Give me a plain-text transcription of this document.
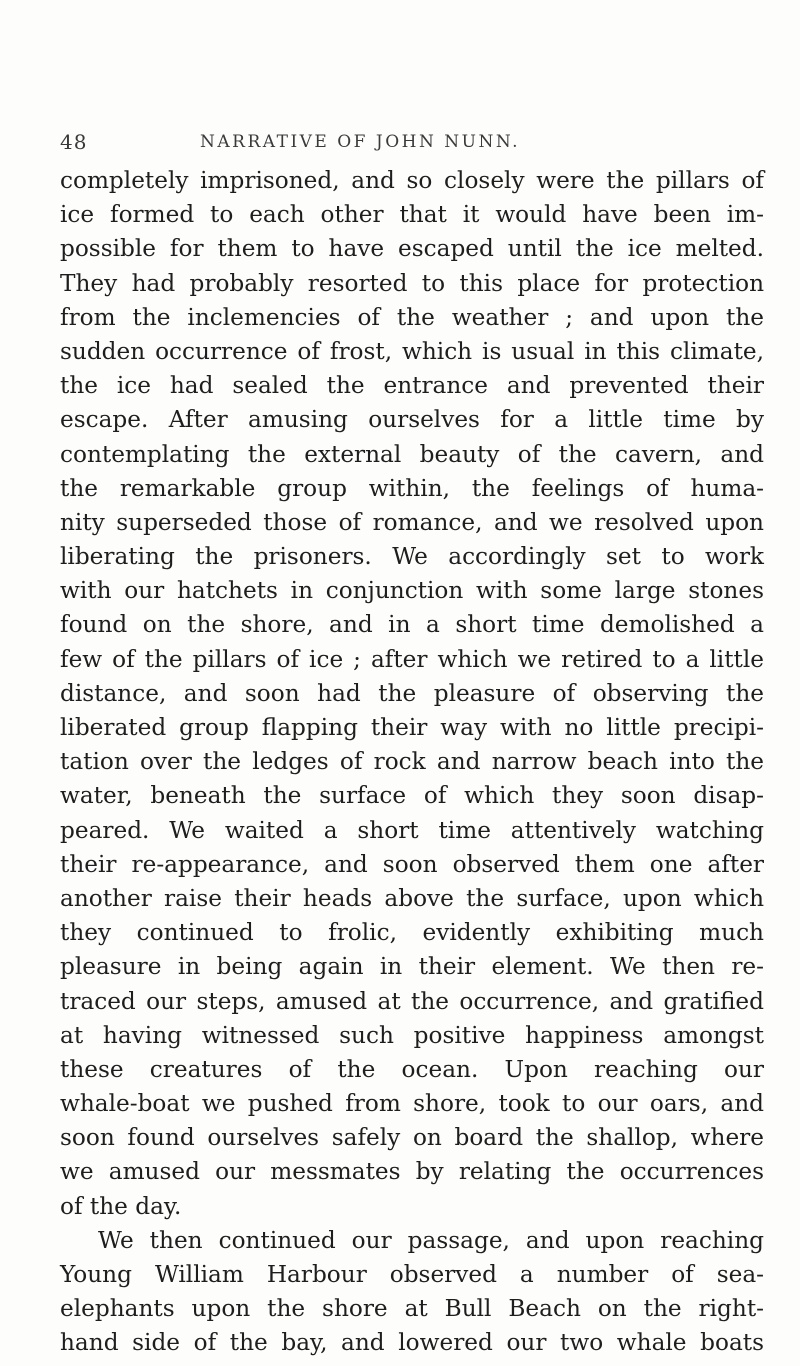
48	NARRATIVE OF JOHN NUNN.
completely imprisoned, and so closely were the pillars of
ice formed to each other that it would have been im-
possible for them to have escaped until the ice melted.
They had probably resorted to this place for protection
from the inclemencies of the weather ; and upon the
sudden occurrence of frost, which is usual in this climate,
the ice had sealed the entrance and prevented their
escape. After amusing ourselves for a little time by
contemplating the external beauty of the cavern, and
the remarkable group within, the feelings of huma-
nity superseded those of romance, and we resolved upon
liberating the prisoners. We accordingly set to work
with our hatchets in conjunction with some large stones
found on the shore, and in a short time demolished a
few of the pillars of ice ; after which we retired to a little
distance, and soon had the pleasure of observing the
liberated group flapping their way with no little precipi-
tation over the ledges of rock and narrow beach into the
water, beneath the surface of which they soon disap-
peared. We waited a short time attentively watching
their re-appearance, and soon observed them one after
another raise their heads above the surface, upon which
they continued to frolic, evidently exhibiting much
pleasure in being again in their element. We then re-
traced our steps, amused at the occurrence, and gratified
at having witnessed such positive happiness amongst
these creatures of the ocean. Upon reaching our
whale-boat we pushed from shore, took to our oars, and
soon found ourselves safely on board the shallop, where
we amused our messmates by relating the occurrences
of the day.
We then continued our passage, and upon reaching
Young William Harbour observed a number of sea-
elephants upon the shore at Bull Beach on the right-
hand side of the bay, and lowered our two whale boats
